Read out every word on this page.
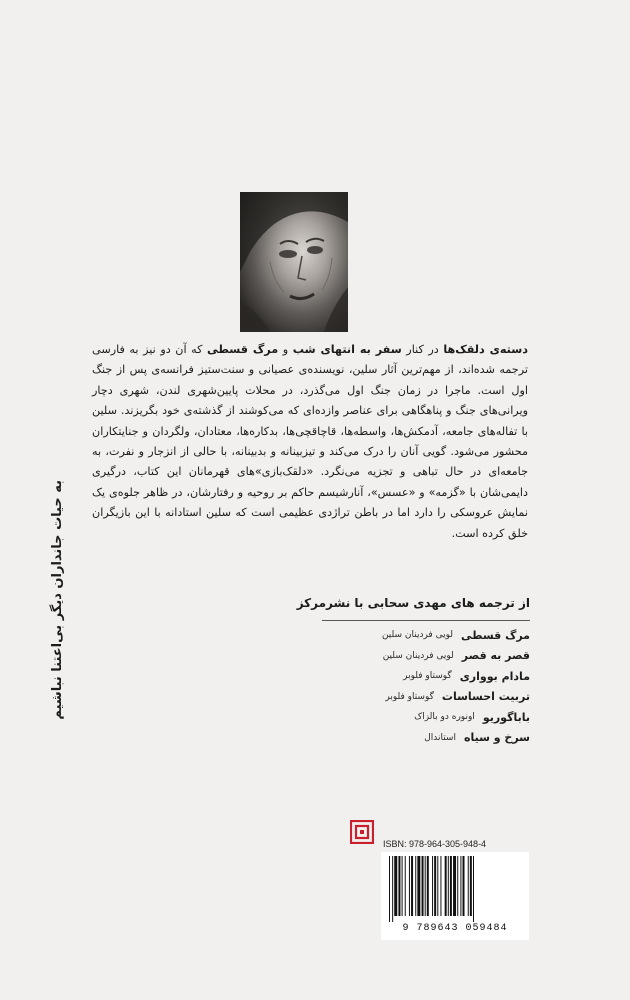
به حیات جانداران دیگر بی‌اعتنا نباشیم
دسته‌ی دلقک‌ها در کنار سفر به انتهای شب و مرگ قسطی که آن دو نیز به فارسی ترجمه شده‌اند، از مهم‌ترین آثار سلین، نویسنده‌ی عصیانی و سنت‌ستیز فرانسه‌ی پس از جنگ اول است. ماجرا در زمان جنگ اول می‌گذرد، در محلات پایین‌شهری لندن، شهری دچار ویرانی‌های جنگ و پناهگاهی برای عناصر وازده‌ای که می‌کوشند از گذشته‌ی خود بگریزند. سلین با تفاله‌های جامعه، آدمکش‌ها، واسطه‌ها، قاچاقچی‌ها، بدکاره‌ها، معتادان، ولگردان و جنایتکاران محشور می‌شود. گویی آنان را درک می‌کند و تیزبینانه و بدبینانه، با حالی از انزجار و نفرت، به جامعه‌ای در حال تباهی و تجزیه می‌نگرد. «دلقک‌بازی»های قهرمانان این کتاب، درگیری دایمی‌شان با «گزمه» و «عسس»، آنارشیسم حاکم بر روحیه و رفتارشان، در ظاهر جلوه‌ی یک نمایش عروسکی را دارد اما در باطن تراژدی عظیمی است که سلین استادانه با این بازیگران خلق کرده است.
از ترجمه‌ های مهدی سحابی با نشرمرکز
مرگ قسطی
لویی فردینان سلین
قصر به قصر
لویی فردینان سلین
مادام بوواری
گوستاو فلوبر
تربیت احساسات
گوستاو فلوبر
باباگوریو
اونوره دو بالزاک
سرخ و سیاه
استاندال
ISBN: 978-964-305-948-4
9 789643 059484
